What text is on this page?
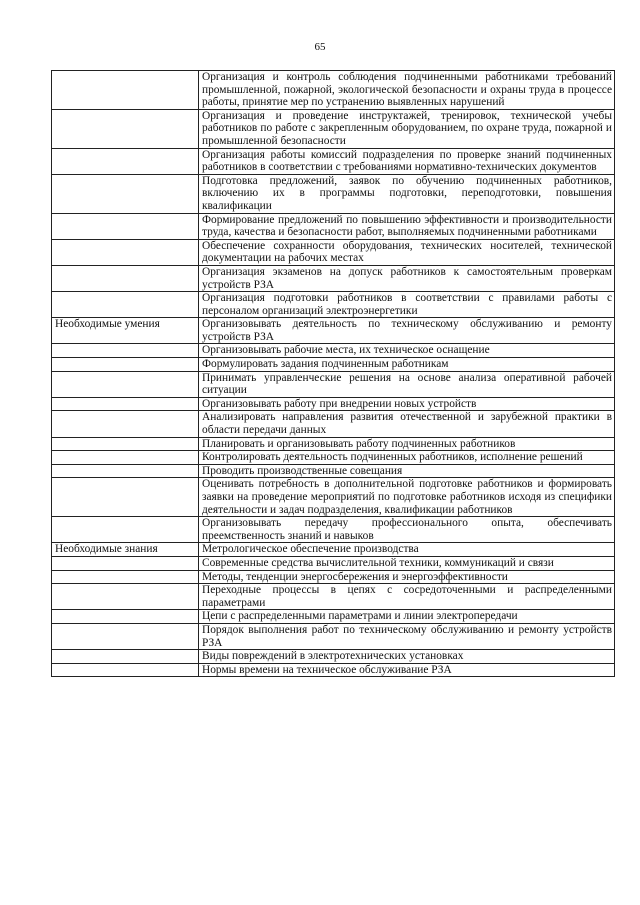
65
	Организация и контроль соблюдения подчиненными работниками требований промышленной, пожарной, экологической безопасности и охраны труда в процессе работы, принятие мер по устранению выявленных нарушений
	Организация и проведение инструктажей, тренировок, технической учебы работников по работе с закрепленным оборудованием, по охране труда, пожарной и промышленной безопасности
	Организация работы комиссий подразделения по проверке знаний подчиненных работников в соответствии с требованиями нормативно-технических документов
	Подготовка предложений, заявок по обучению подчиненных работников, включению их в программы подготовки, переподготовки, повышения квалификации
	Формирование предложений по повышению эффективности и производительности труда, качества и безопасности работ, выполняемых подчиненными работниками
	Обеспечение сохранности оборудования, технических носителей, технической документации на рабочих местах
	Организация экзаменов на допуск работников к самостоятельным проверкам устройств РЗА
	Организация подготовки работников в соответствии с правилами работы с персоналом организаций электроэнергетики
Необходимые умения	Организовывать деятельность по техническому обслуживанию и ремонту устройств РЗА
	Организовывать рабочие места, их техническое оснащение
	Формулировать задания подчиненным работникам
	Принимать управленческие решения на основе анализа оперативной рабочей ситуации
	Организовывать работу при внедрении новых устройств
	Анализировать направления развития отечественной и зарубежной практики в области передачи данных
	Планировать и организовывать работу подчиненных работников
	Контролировать деятельность подчиненных работников, исполнение решений
	Проводить производственные совещания
	Оценивать потребность в дополнительной подготовке работников и формировать заявки на проведение мероприятий по подготовке работников исходя из специфики деятельности и задач подразделения, квалификации работников
	Организовывать передачу профессионального опыта, обеспечивать преемственность знаний и навыков
Необходимые знания	Метрологическое обеспечение производства
	Современные средства вычислительной техники, коммуникаций и связи
	Методы, тенденции энергосбережения и энергоэффективности
	Переходные процессы в цепях с сосредоточенными и распределенными параметрами
	Цепи с распределенными параметрами и линии электропередачи
	Порядок выполнения работ по техническому обслуживанию и ремонту устройств РЗА
	Виды повреждений в электротехнических установках
	Нормы времени на техническое обслуживание РЗА
